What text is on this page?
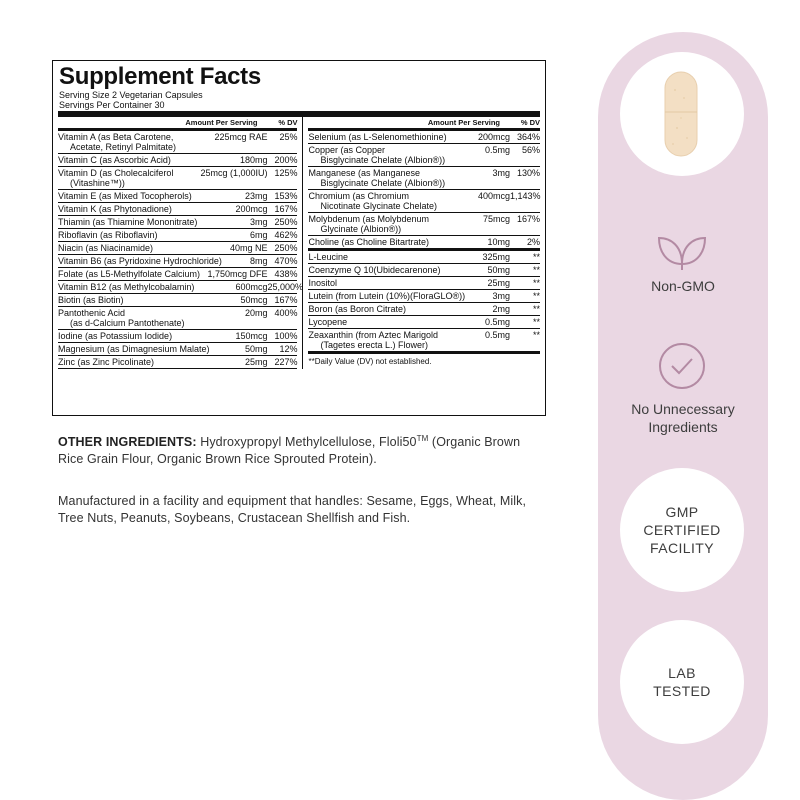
Supplement Facts
Serving Size 2 Vegetarian Capsules
Servings Per Container 30
Amount Per Serving	% DV
Vitamin A (as Beta Carotene,
Acetate, Retinyl Palmitate)
225mcg RAE	25%
Vitamin C (as Ascorbic Acid)	180mg 200%
Vitamin D (as Cholecalciferol
(Vitashine™))
25mcg (1,000IU) 125%
Vitamin E (as Mixed Tocopherols)	23mg 153%
Vitamin K (as Phytonadione)	200mcg 167%
Thiamin (as Thiamine Mononitrate)	3mg 250%
Riboflavin (as Riboflavin)	6mg 462%
Niacin (as Niacinamide)	40mg NE 250%
Vitamin B6 (as Pyridoxine Hydrochloride)	8mg 470%
Folate (as L5-Methylfolate Calcium) 1,750mcg DFE 438%
Vitamin B12 (as Methylcobalamin)	600mcg 25,000%
Biotin (as Biotin)	50mcg 167%
Pantothenic Acid
(as d-Calcium Pantothenate)
20mg 400%
Iodine (as Potassium Iodide)	150mcg 100%
Magnesium (as Dimagnesium Malate)	50mg	12%
Zinc (as Zinc Picolinate)	25mg 227%
Amount Per Serving	% DV
Selenium (as L-Selenomethionine)	200mcg 364%
Copper (as Copper
Bisglycinate Chelate (Albion®))
0.5mg	56%
Manganese (as Manganese
Bisglycinate Chelate (Albion®))
3mg 130%
Chromium (as Chromium
Nicotinate Glycinate Chelate)
400mcg 1,143%
Molybdenum (as Molybdenum
Glycinate (Albion®))
75mcg 167%
Choline (as Choline Bitartrate)	10mg	2%
L-Leucine	325mg	**
Coenzyme Q 10(Ubidecarenone)	50mg	**
Inositol	25mg	**
Lutein (from Lutein (10%)(FloraGLO®))	3mg	**
Boron (as Boron Citrate)	2mg	**
Lycopene	0.5mg	**
Zeaxanthin (from Aztec Marigold
(Tagetes erecta L.) Flower)
0.5mg	**
**Daily Value (DV) not established.
OTHER INGREDIENTS: Hydroxypropyl Methylcellulose, Floli50™ (Organic Brown Rice Grain Flour, Organic Brown Rice Sprouted Protein).
Manufactured in a facility and equipment that handles: Sesame, Eggs, Wheat, Milk, Tree Nuts, Peanuts, Soybeans, Crustacean Shellfish and Fish.
Non-GMO
No Unnecessary
Ingredients
GMP
CERTIFIED
FACILITY
LAB
TESTED
